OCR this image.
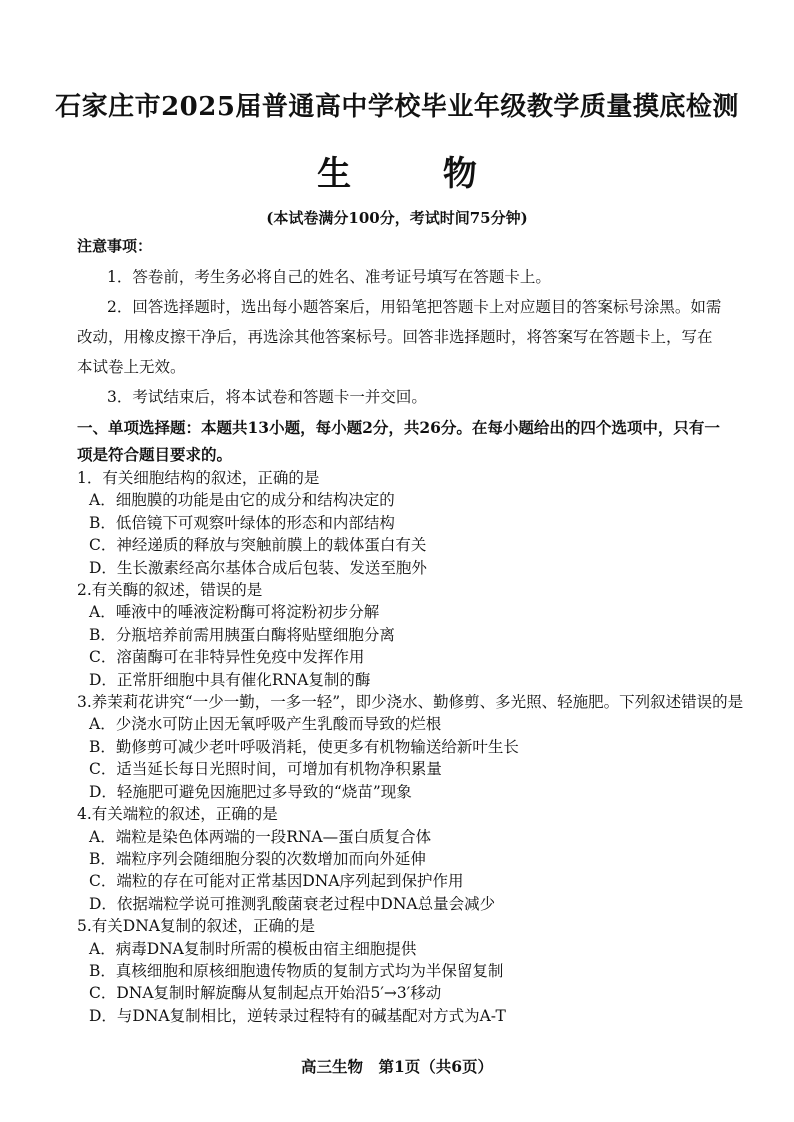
石家庄市2025届普通高中学校毕业年级教学质量摸底检测
生 物
(本试卷满分100分，考试时间75分钟)
注意事项：

1．答卷前，考生务必将自己的姓名、准考证号填写在答题卡上。

2．回答选择题时，选出每小题答案后，用铅笔把答题卡上对应题目的答案标号涂黑。如需改动，用橡皮擦干净后，再选涂其他答案标号。回答非选择题时，将答案写在答题卡上，写在本试卷上无效。

3．考试结束后，将本试卷和答题卡一并交回。

一、单项选择题：本题共13小题，每小题2分，共26分。在每小题给出的四个选项中，只有一项是符合题目要求的。

1．有关细胞结构的叙述，正确的是

A．细胞膜的功能是由它的成分和结构决定的

B．低倍镜下可观察叶绿体的形态和内部结构

C．神经递质的释放与突触前膜上的载体蛋白有关

D．生长激素经高尔基体合成后包装、发送至胞外

2.有关酶的叙述，错误的是

A．唾液中的唾液淀粉酶可将淀粉初步分解

B．分瓶培养前需用胰蛋白酶将贴壁细胞分离

C．溶菌酶可在非特异性免疫中发挥作用

D．正常肝细胞中具有催化RNA复制的酶

3.养茉莉花讲究“一少一勤，一多一轻”，即少浇水、勤修剪、多光照、轻施肥。下列叙述错误的是

A．少浇水可防止因无氧呼吸产生乳酸而导致的烂根

B．勤修剪可减少老叶呼吸消耗，使更多有机物输送给新叶生长

C．适当延长每日光照时间，可增加有机物净积累量

D．轻施肥可避免因施肥过多导致的“烧苗”现象

4.有关端粒的叙述，正确的是

A．端粒是染色体两端的一段RNA—蛋白质复合体

B．端粒序列会随细胞分裂的次数增加而向外延伸

C．端粒的存在可能对正常基因DNA序列起到保护作用

D．依据端粒学说可推测乳酸菌衰老过程中DNA总量会减少

5.有关DNA复制的叙述，正确的是

A．病毒DNA复制时所需的模板由宿主细胞提供

B．真核细胞和原核细胞遗传物质的复制方式均为半保留复制

C．DNA复制时解旋酶从复制起点开始沿5′→3′移动

D．与DNA复制相比，逆转录过程特有的碱基配对方式为A-T

高三生物　第1页（共6页）
